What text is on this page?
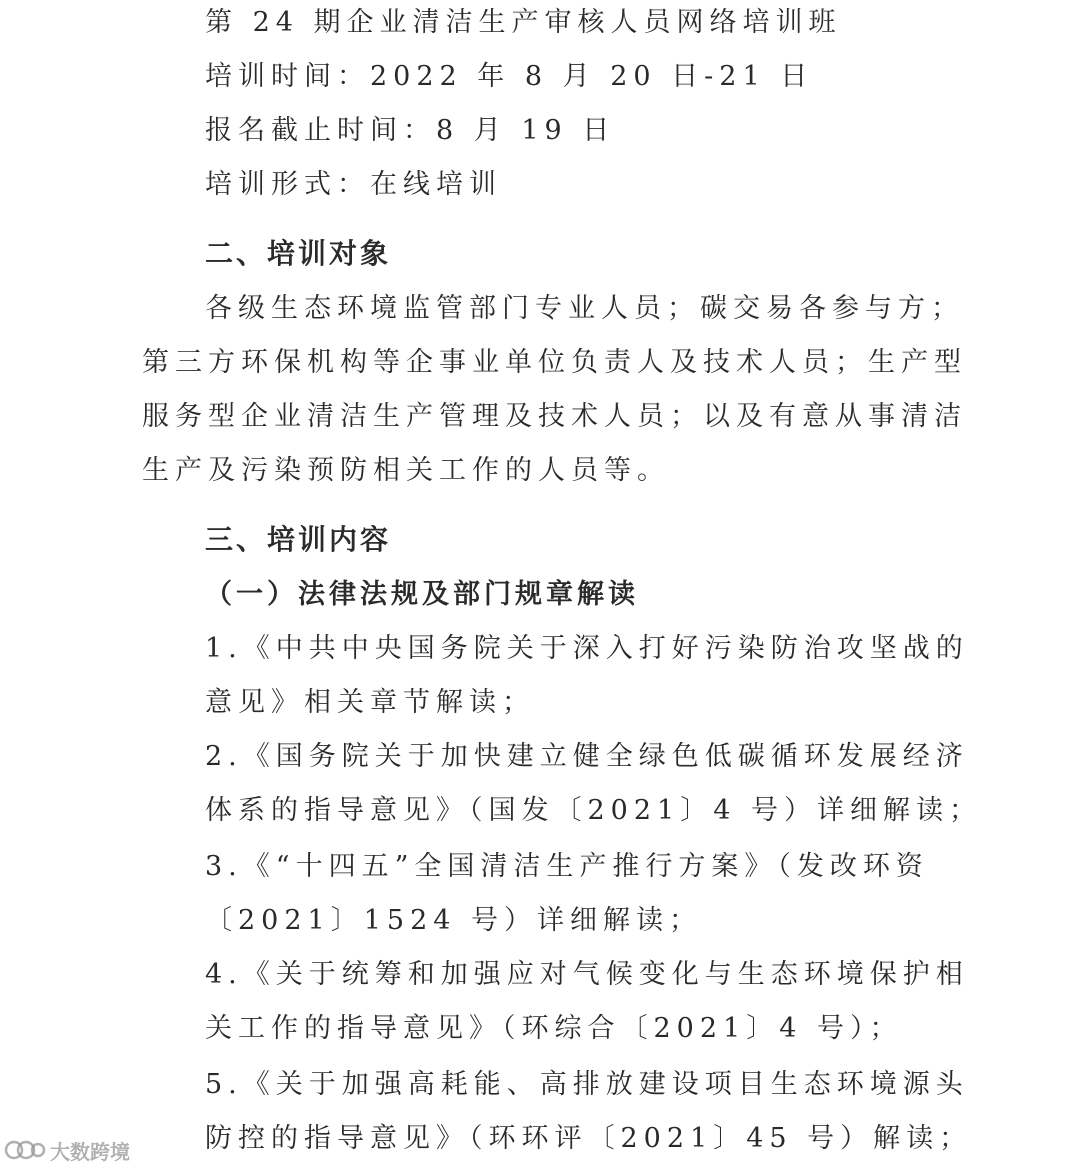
第 24 期企业清洁生产审核人员网络培训班
培训时间：2022 年 8 月 20 日-21 日
报名截止时间：8 月 19 日
培训形式：在线培训
二、培训对象
各级生态环境监管部门专业人员；碳交易各参与方；
第三方环保机构等企事业单位负责人及技术人员；生产型
服务型企业清洁生产管理及技术人员；以及有意从事清洁
生产及污染预防相关工作的人员等。
三、培训内容
（一）法律法规及部门规章解读
1.《中共中央国务院关于深入打好污染防治攻坚战的
意见》相关章节解读；
2.《国务院关于加快建立健全绿色低碳循环发展经济
体系的指导意见》（国发〔2021〕4 号）详细解读；
3.《“十四五”全国清洁生产推行方案》（发改环资
〔2021〕1524 号）详细解读；
4.《关于统筹和加强应对气候变化与生态环境保护相
关工作的指导意见》（环综合〔2021〕4 号）；
5.《关于加强高耗能、高排放建设项目生态环境源头
防控的指导意见》（环环评〔2021〕45 号）解读；
大数跨境
